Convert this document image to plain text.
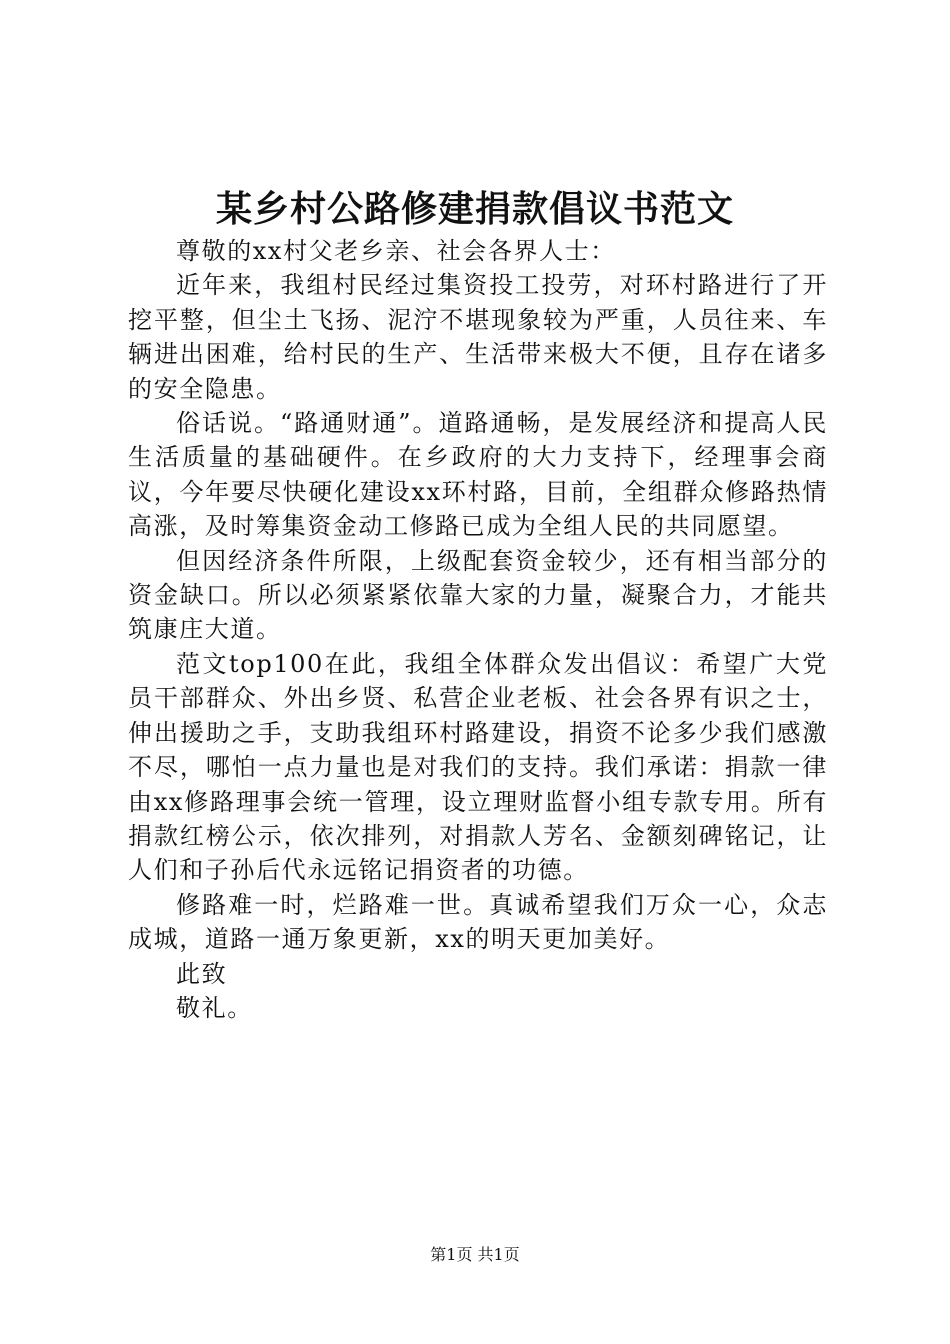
某乡村公路修建捐款倡议书范文

尊敬的xx村父老乡亲、社会各界人士：

近年来，我组村民经过集资投工投劳，对环村路进行了开挖平整，但尘土飞扬、泥泞不堪现象较为严重，人员往来、车辆进出困难，给村民的生产、生活带来极大不便，且存在诸多的安全隐患。

俗话说。“路通财通”。道路通畅，是发展经济和提高人民生活质量的基础硬件。在乡政府的大力支持下，经理事会商议，今年要尽快硬化建设xx环村路，目前，全组群众修路热情高涨，及时筹集资金动工修路已成为全组人民的共同愿望。

但因经济条件所限，上级配套资金较少，还有相当部分的资金缺口。所以必须紧紧依靠大家的力量，凝聚合力，才能共筑康庄大道。

范文top100在此，我组全体群众发出倡议：希望广大党员干部群众、外出乡贤、私营企业老板、社会各界有识之士，伸出援助之手，支助我组环村路建设，捐资不论多少我们感激不尽，哪怕一点力量也是对我们的支持。我们承诺：捐款一律由xx修路理事会统一管理，设立理财监督小组专款专用。所有捐款红榜公示，依次排列，对捐款人芳名、金额刻碑铭记，让人们和子孙后代永远铭记捐资者的功德。

修路难一时，烂路难一世。真诚希望我们万众一心，众志成城，道路一通万象更新，xx的明天更加美好。

此致

敬礼。

第1页 共1页
